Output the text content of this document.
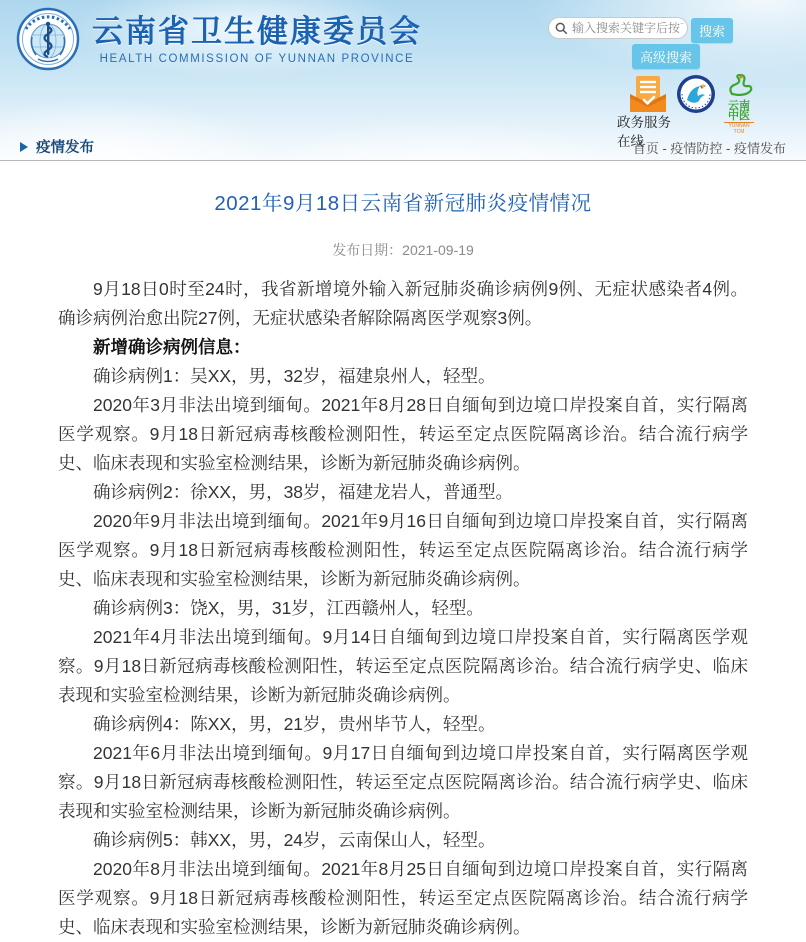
云南省卫生健康委员会
HEALTH COMMISSION OF YUNNAN PROVINCE
输入搜索关键字后按下
搜索
高级搜索
云南中医
YUNNAN TCM
政务服务在线
疫情发布	首页 - 疫情防控 - 疫情发布
2021年9月18日云南省新冠肺炎疫情情况
发布日期：2021-09-19

9月18日0时至24时，我省新增境外输入新冠肺炎确诊病例9例、无症状感染者4例。确诊病例治愈出院27例，无症状感染者解除隔离医学观察3例。

新增确诊病例信息：

确诊病例1：吴XX，男，32岁，福建泉州人，轻型。

2020年3月非法出境到缅甸。2021年8月28日自缅甸到边境口岸投案自首，实行隔离医学观察。9月18日新冠病毒核酸检测阳性，转运至定点医院隔离诊治。结合流行病学史、临床表现和实验室检测结果，诊断为新冠肺炎确诊病例。

确诊病例2：徐XX，男，38岁，福建龙岩人，普通型。

2020年9月非法出境到缅甸。2021年9月16日自缅甸到边境口岸投案自首，实行隔离医学观察。9月18日新冠病毒核酸检测阳性，转运至定点医院隔离诊治。结合流行病学史、临床表现和实验室检测结果，诊断为新冠肺炎确诊病例。

确诊病例3：饶X，男，31岁，江西赣州人，轻型。

2021年4月非法出境到缅甸。9月14日自缅甸到边境口岸投案自首，实行隔离医学观察。9月18日新冠病毒核酸检测阳性，转运至定点医院隔离诊治。结合流行病学史、临床表现和实验室检测结果，诊断为新冠肺炎确诊病例。

确诊病例4：陈XX，男，21岁，贵州毕节人，轻型。

2021年6月非法出境到缅甸。9月17日自缅甸到边境口岸投案自首，实行隔离医学观察。9月18日新冠病毒核酸检测阳性，转运至定点医院隔离诊治。结合流行病学史、临床表现和实验室检测结果，诊断为新冠肺炎确诊病例。

确诊病例5：韩XX，男，24岁，云南保山人，轻型。

2020年8月非法出境到缅甸。2021年8月25日自缅甸到边境口岸投案自首，实行隔离医学观察。9月18日新冠病毒核酸检测阳性，转运至定点医院隔离诊治。结合流行病学史、临床表现和实验室检测结果，诊断为新冠肺炎确诊病例。
